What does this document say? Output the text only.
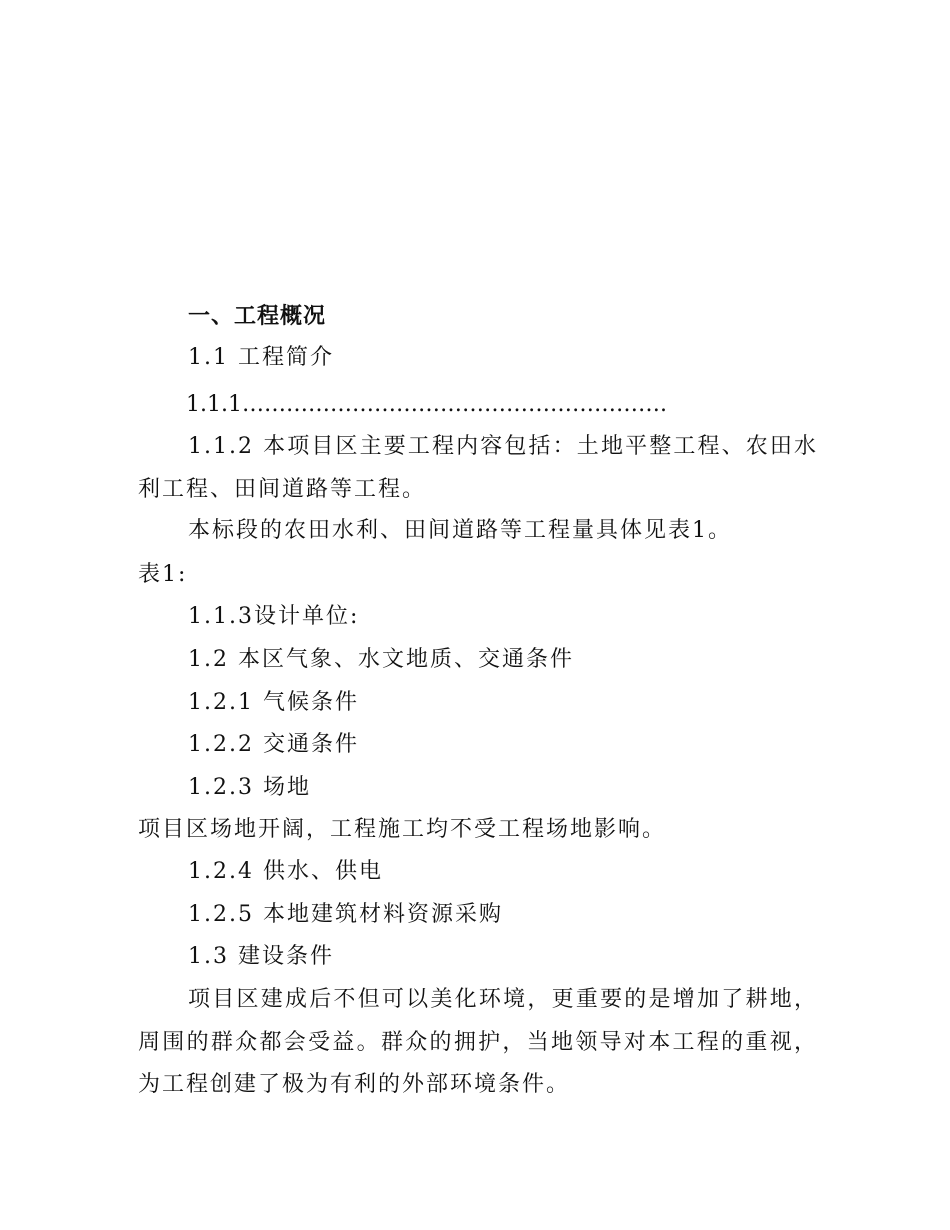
一、工程概况
1.1 工程简介
1.1.1………………………………………………….
1.1.2 本项目区主要工程内容包括：土地平整工程、农田水利工程、田间道路等工程。
本标段的农田水利、田间道路等工程量具体见表1。
表1:
1.1.3设计单位:
1.2 本区气象、水文地质、交通条件
1.2.1 气候条件
1.2.2 交通条件
1.2.3 场地
项目区场地开阔，工程施工均不受工程场地影响。
1.2.4 供水、供电
1.2.5 本地建筑材料资源采购
1.3 建设条件
项目区建成后不但可以美化环境，更重要的是增加了耕地，周围的群众都会受益。群众的拥护，当地领导对本工程的重视，为工程创建了极为有利的外部环境条件。
